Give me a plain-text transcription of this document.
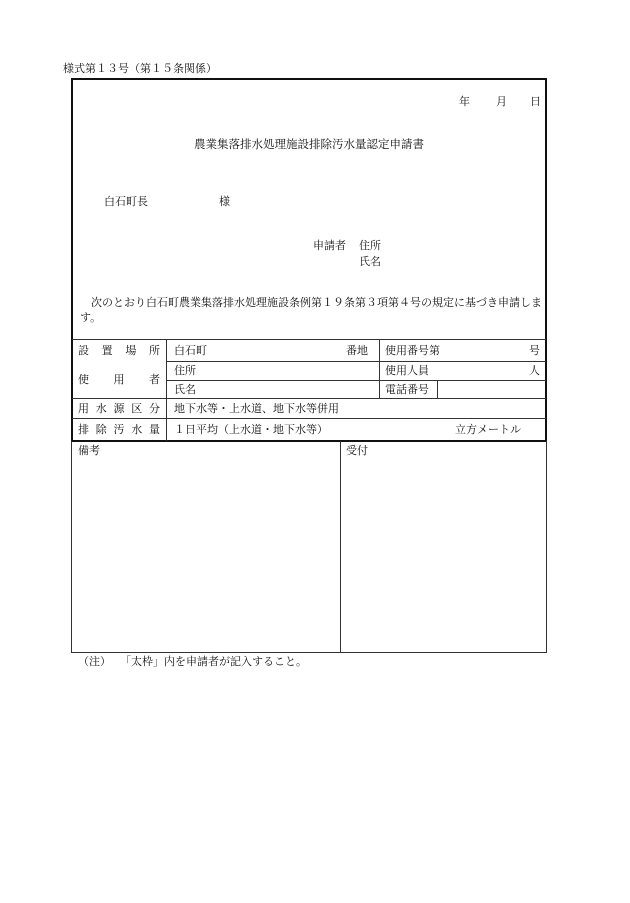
様式第１３号（第１５条関係）
年 月 日
農業集落排水処理施設排除汚水量認定申請書
白石町長	様
申請者 住所
氏名
　次のとおり白石町農業集落排水処理施設条例第１９条第３項第４号の規定に基づき申請します。
設 置 場 所 白石町	番地 使用番号第	号
使 用 者
住所	使用人員	人
氏名	電話番号
用 水 源 区 分 地下水等・上水道、地下水等併用
排 除 汚 水 量 １日平均（上水道・地下水等）	立方メートル
備考	受付
（注） 「太枠」内を申請者が記入すること。
